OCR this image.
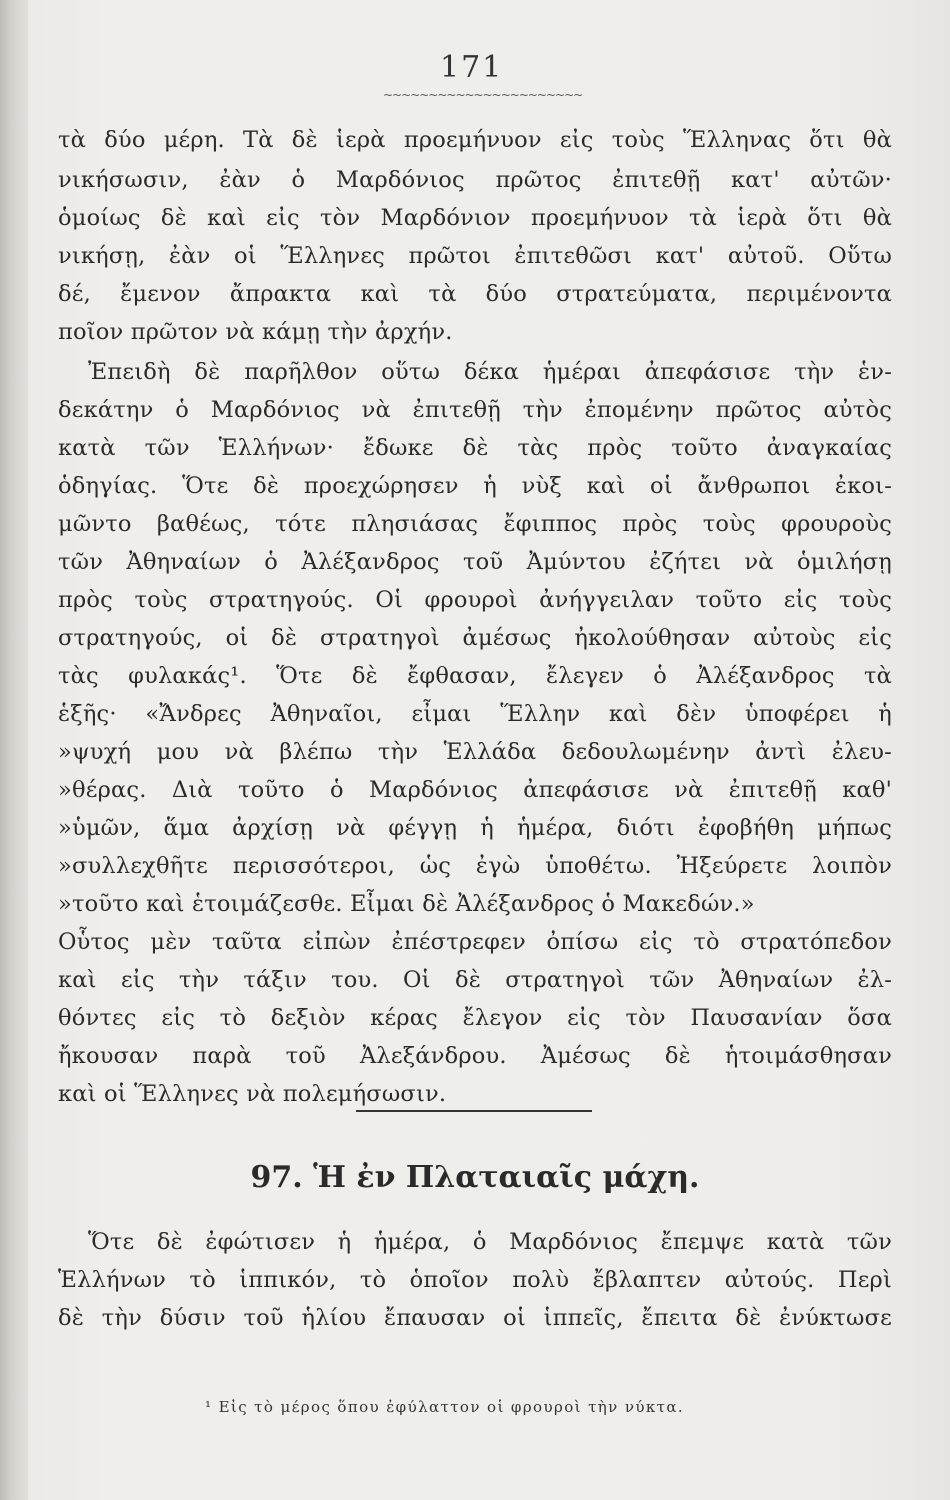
171
~~~~~~~~~~~~~~~~~~~~~~
τὰ δύο μέρη. Τὰ δὲ ἱερὰ προεμήνυον εἰς τοὺς Ἕλληνας ὅτι θὰ
νικήσωσιν, ἐὰν ὁ Μαρδόνιος πρῶτος ἐπιτεθῇ κατ' αὐτῶν·
ὁμοίως δὲ καὶ εἰς τὸν Μαρδόνιον προεμήνυον τὰ ἱερὰ ὅτι θὰ
νικήσῃ, ἐὰν οἱ Ἕλληνες πρῶτοι ἐπιτεθῶσι κατ' αὐτοῦ. Οὕτω
δέ, ἔμενον ἄπρακτα καὶ τὰ δύο στρατεύματα, περιμένοντα
ποῖον πρῶτον νὰ κάμῃ τὴν ἀρχήν.
Ἐπειδὴ δὲ παρῆλθον οὕτω δέκα ἡμέραι ἀπεφάσισε τὴν ἑν-
δεκάτην ὁ Μαρδόνιος νὰ ἐπιτεθῇ τὴν ἐπομένην πρῶτος αὐτὸς
κατὰ τῶν Ἑλλήνων· ἔδωκε δὲ τὰς πρὸς τοῦτο ἀναγκαίας
ὁδηγίας. Ὅτε δὲ προεχώρησεν ἡ νὺξ καὶ οἱ ἄνθρωποι ἐκοι-
μῶντο βαθέως, τότε πλησιάσας ἔφιππος πρὸς τοὺς φρουροὺς
τῶν Ἀθηναίων ὁ Ἀλέξανδρος τοῦ Ἀμύντου ἐζήτει νὰ ὁμιλήσῃ
πρὸς τοὺς στρατηγούς. Οἱ φρουροὶ ἀνήγγειλαν τοῦτο εἰς τοὺς
στρατηγούς, οἱ δὲ στρατηγοὶ ἀμέσως ἠκολούθησαν αὐτοὺς εἰς
τὰς φυλακάς¹. Ὅτε δὲ ἔφθασαν, ἔλεγεν ὁ Ἀλέξανδρος τὰ
ἑξῆς· «Ἄνδρες Ἀθηναῖοι, εἶμαι Ἕλλην καὶ δὲν ὑποφέρει ἡ
»ψυχή μου νὰ βλέπω τὴν Ἑλλάδα δεδουλωμένην ἀντὶ ἐλευ-
»θέρας. Διὰ τοῦτο ὁ Μαρδόνιος ἀπεφάσισε νὰ ἐπιτεθῇ καθ'
»ὑμῶν, ἅμα ἀρχίσῃ νὰ φέγγῃ ἡ ἡμέρα, διότι ἐφοβήθη μήπως
»συλλεχθῆτε περισσότεροι, ὡς ἐγὼ ὑποθέτω. Ἠξεύρετε λοιπὸν
»τοῦτο καὶ ἑτοιμάζεσθε. Εἶμαι δὲ Ἀλέξανδρος ὁ Μακεδών.»
Οὗτος μὲν ταῦτα εἰπὼν ἐπέστρεφεν ὀπίσω εἰς τὸ στρατόπεδον
καὶ εἰς τὴν τάξιν του. Οἱ δὲ στρατηγοὶ τῶν Ἀθηναίων ἐλ-
θόντες εἰς τὸ δεξιὸν κέρας ἔλεγον εἰς τὸν Παυσανίαν ὅσα
ἤκουσαν παρὰ τοῦ Ἀλεξάνδρου. Ἀμέσως δὲ ἡτοιμάσθησαν
καὶ οἱ Ἕλληνες νὰ πολεμήσωσιν.
97. Ἡ ἐν Πλαταιαῖς μάχη.
Ὅτε δὲ ἐφώτισεν ἡ ἡμέρα, ὁ Μαρδόνιος ἔπεμψε κατὰ τῶν
Ἑλλήνων τὸ ἱππικόν, τὸ ὁποῖον πολὺ ἔβλαπτεν αὐτούς. Περὶ
δὲ τὴν δύσιν τοῦ ἡλίου ἔπαυσαν οἱ ἱππεῖς, ἔπειτα δὲ ἐνύκτωσε
¹ Εἰς τὸ μέρος ὅπου ἐφύλαττον οἱ φρουροὶ τὴν νύκτα.
